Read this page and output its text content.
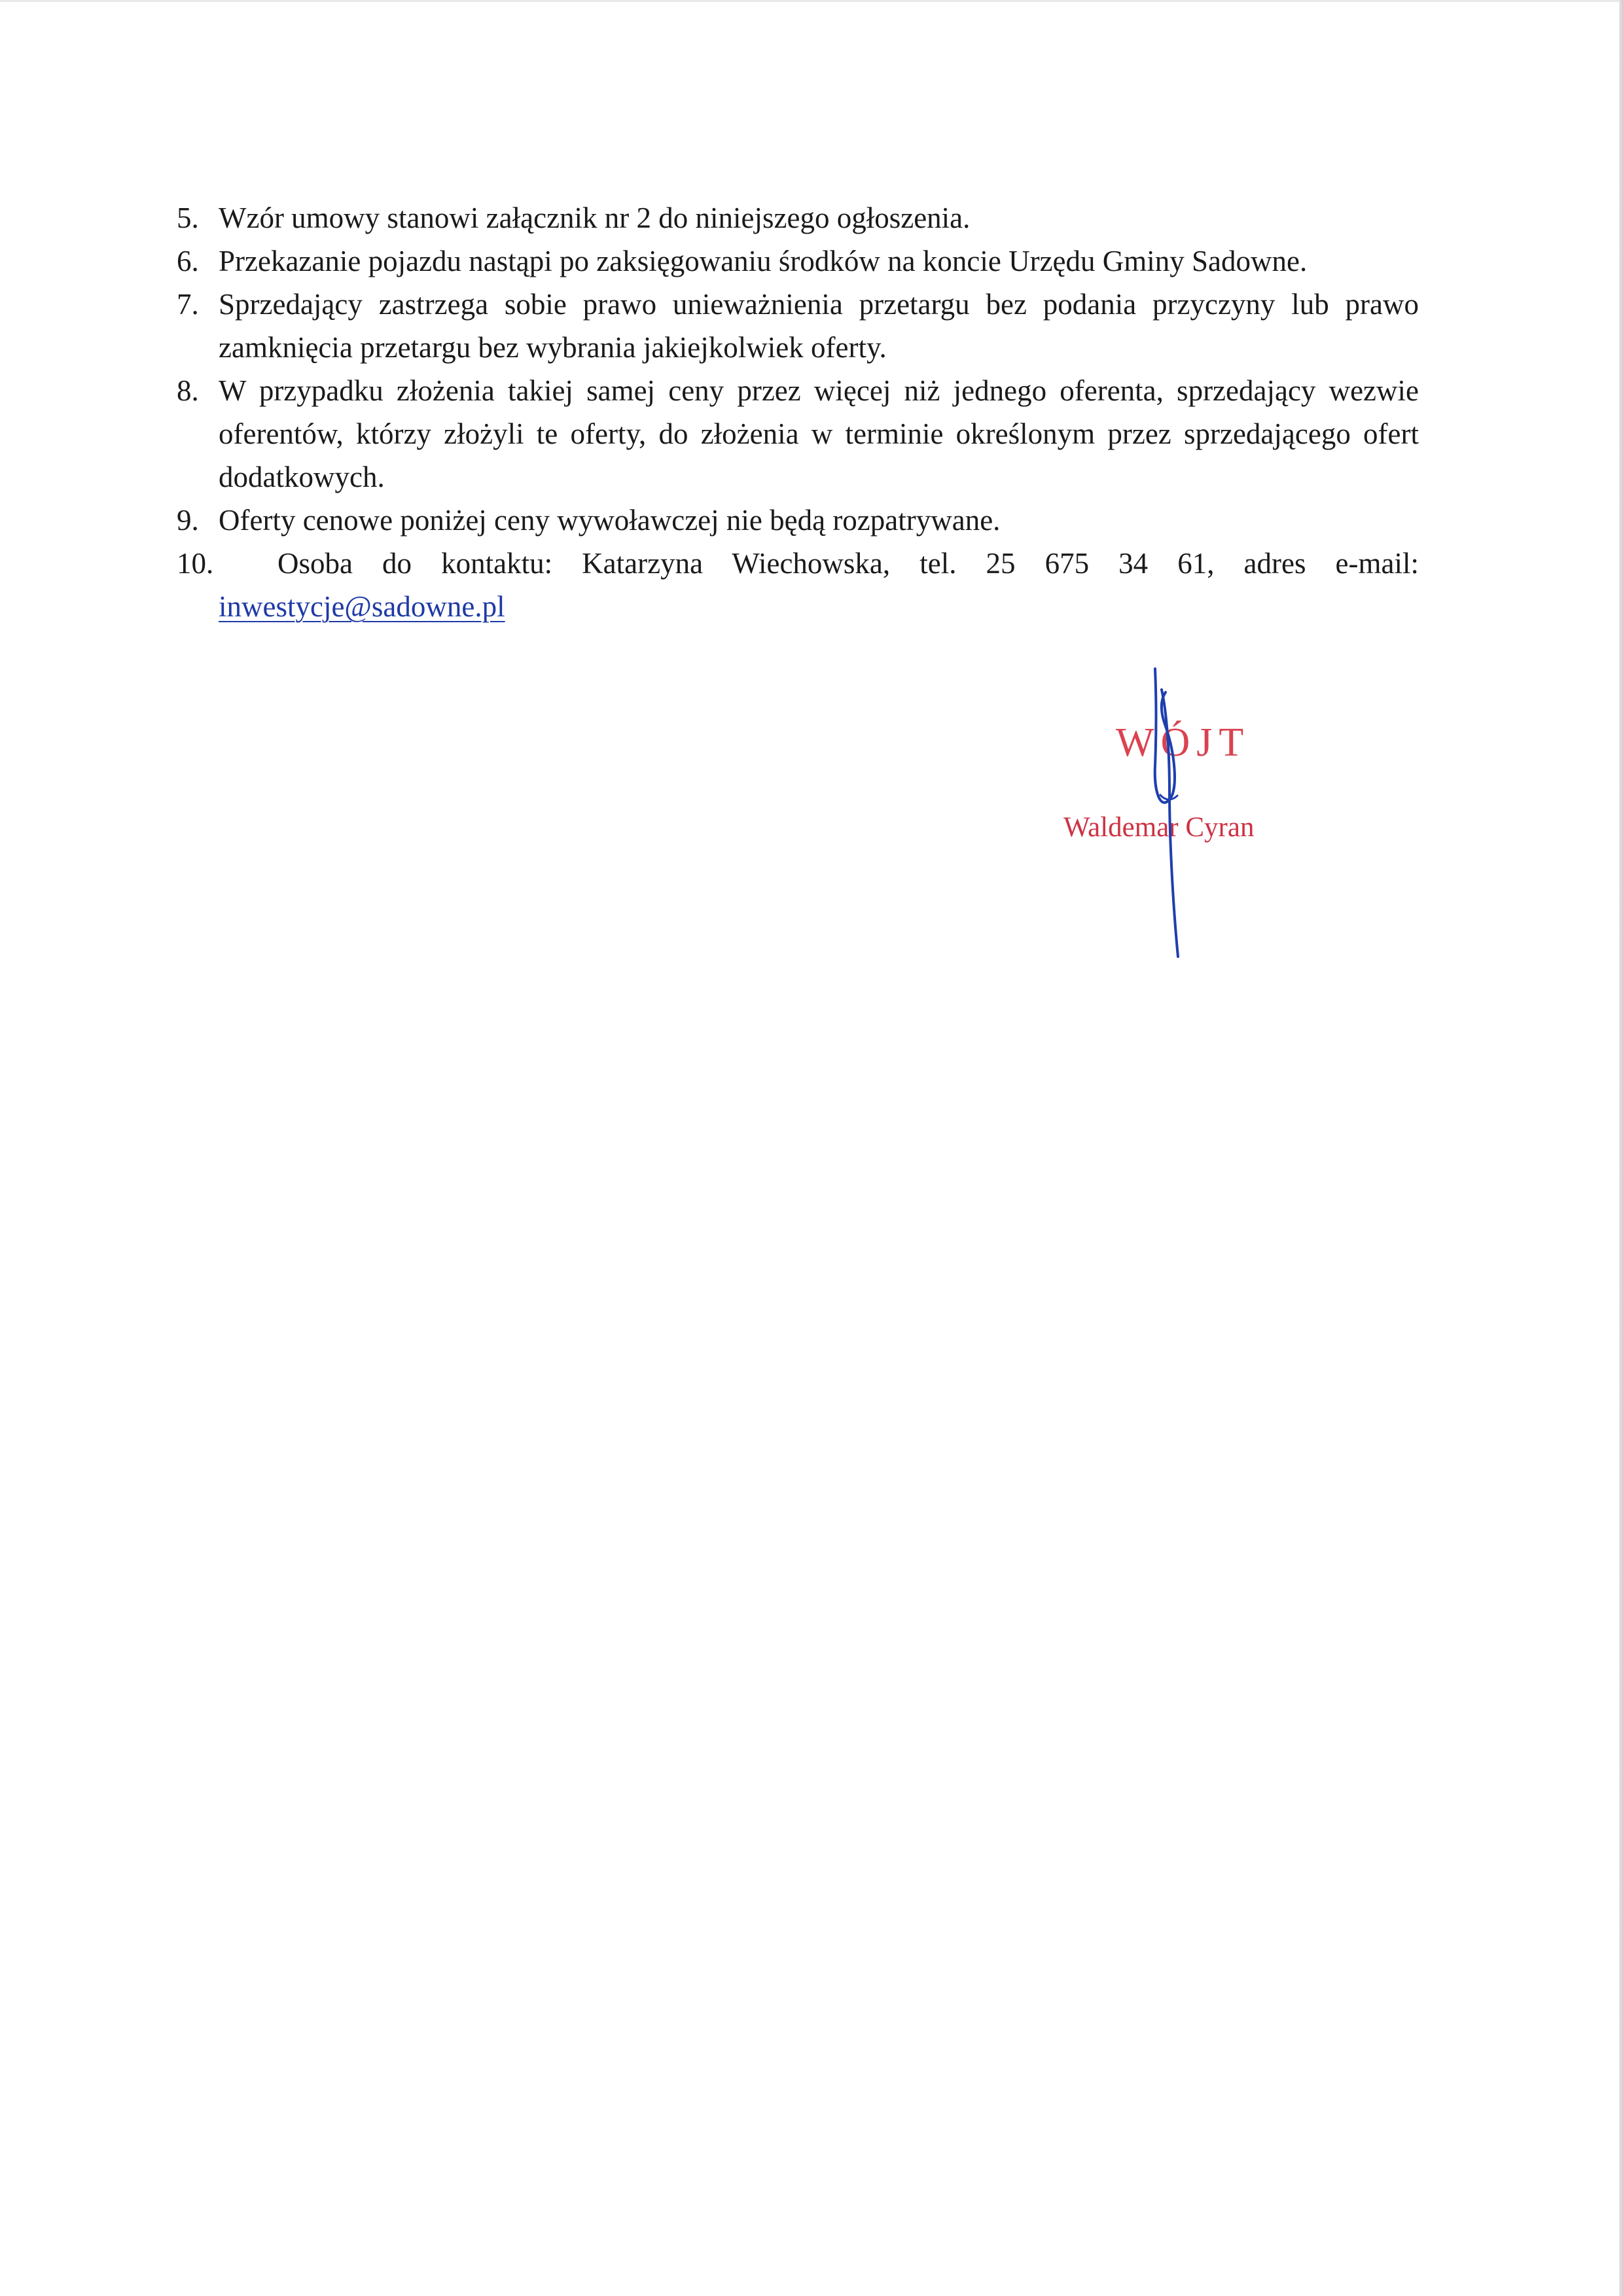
5. Wzór umowy stanowi załącznik nr 2 do niniejszego ogłoszenia.
6. Przekazanie pojazdu nastąpi po zaksięgowaniu środków na koncie Urzędu Gminy Sadowne.
7. Sprzedający zastrzega sobie prawo unieważnienia przetargu bez podania przyczyny lub prawo zamknięcia przetargu bez wybrania jakiejkolwiek oferty.
8. W przypadku złożenia takiej samej ceny przez więcej niż jednego oferenta, sprzedający wezwie oferentów, którzy złożyli te oferty, do złożenia w terminie określonym przez sprzedającego ofert dodatkowych.
9. Oferty cenowe poniżej ceny wywoławczej nie będą rozpatrywane.
10.	Osoba do kontaktu: Katarzyna Wiechowska, tel. 25 675 34 61, adres e-mail:
inwestycje@sadowne.pl
WÓJT
Waldemar Cyran
